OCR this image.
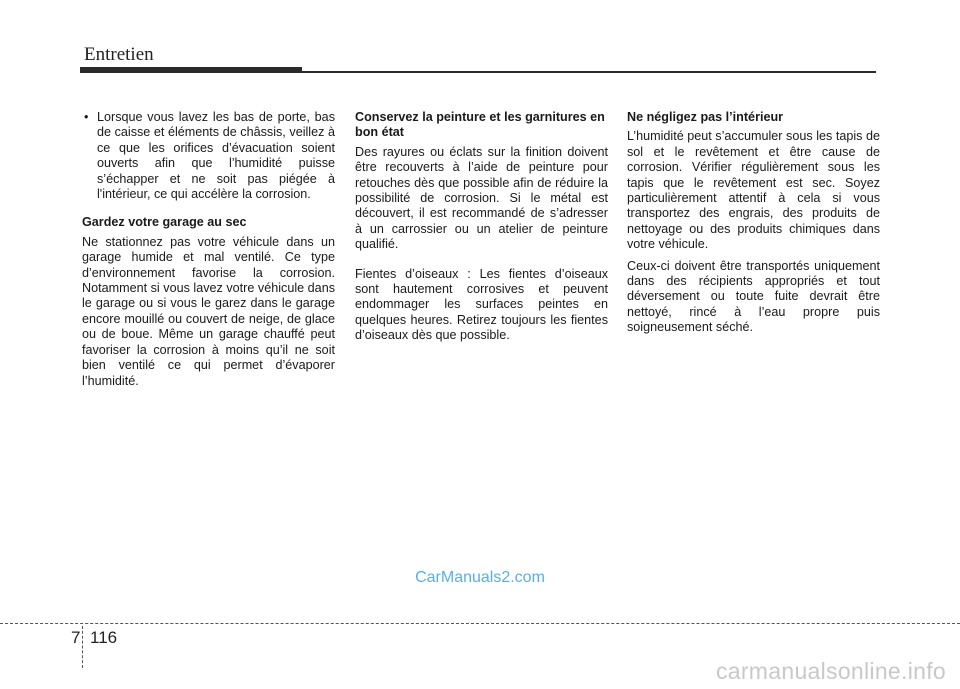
Entretien

• Lorsque vous lavez les bas de porte, bas de caisse et éléments de châssis, veillez à ce que les orifices d’évacuation soient ouverts afin que l’humidité puisse s’échapper et ne soit pas piégée à l'intérieur, ce qui accélère la corrosion.

Gardez votre garage au sec

Ne stationnez pas votre véhicule dans un garage humide et mal ventilé. Ce type d’environnement favorise la corrosion. Notamment si vous lavez votre véhicule dans le garage ou si vous le garez dans le garage encore mouillé ou couvert de neige, de glace ou de boue. Même un garage chauffé peut favoriser la corrosion à moins qu’il ne soit bien ventilé ce qui permet d’évaporer l’humidité.

Conservez la peinture et les garnitures en bon état

Des rayures ou éclats sur la finition doivent être recouverts à l’aide de peinture pour retouches dès que possible afin de réduire la possibilité de corrosion. Si le métal est découvert, il est recommandé de s’adresser à un carrossier ou un atelier de peinture qualifié.

Fientes d’oiseaux : Les fientes d’oiseaux sont hautement corrosives et peuvent endommager les surfaces peintes en quelques heures. Retirez toujours les fientes d’oiseaux dès que possible.

Ne négligez pas l’intérieur

L’humidité peut s’accumuler sous les tapis de sol et le revêtement et être cause de corrosion. Vérifier régulièrement sous les tapis que le revêtement est sec. Soyez particulièrement attentif à cela si vous transportez des engrais, des produits de nettoyage ou des produits chimiques dans votre véhicule.

Ceux-ci doivent être transportés uniquement dans des récipients appropriés et tout déversement ou toute fuite devrait être nettoyé, rincé à l’eau propre puis soigneusement séché.

CarManuals2.com
7 116
carmanualsonline.info
